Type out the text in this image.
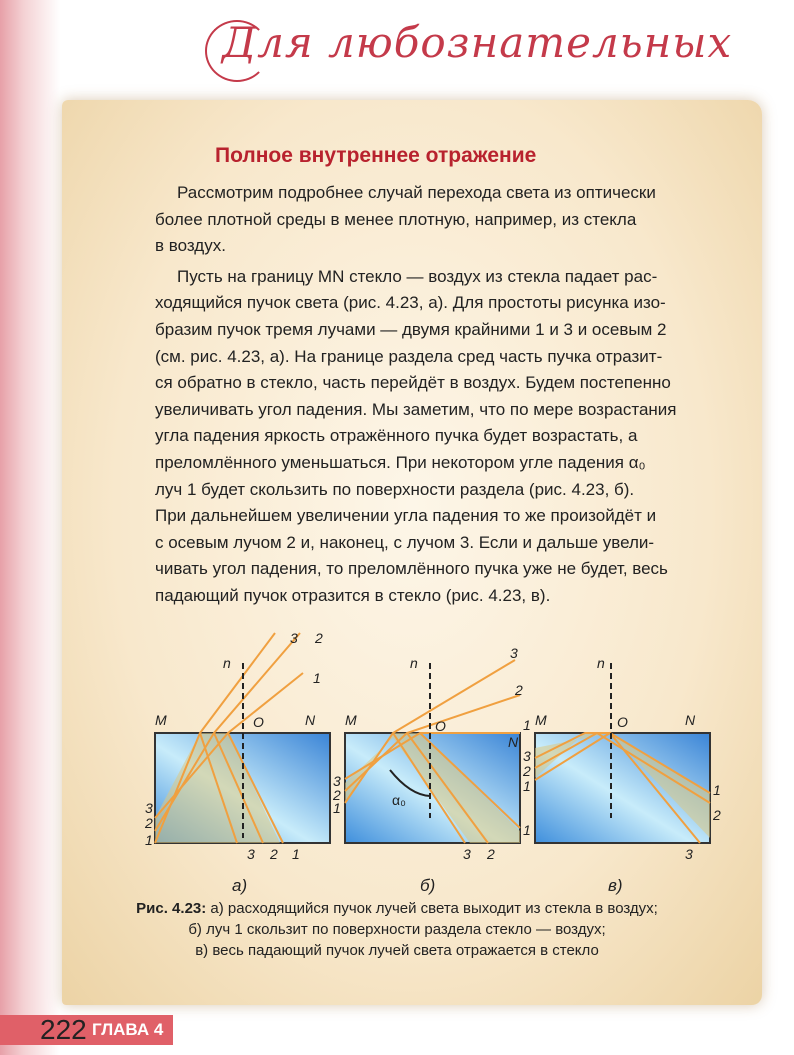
Для любознательных
Полное внутреннее отражение
Рассмотрим подробнее случай перехода света из оптически
более плотной среды в менее плотную, например, из стекла
в воздух.
Пусть на границу MN стекло — воздух из стекла падает рас-
ходящийся пучок света (рис. 4.23, а). Для простоты рисунка изо-
бразим пучок тремя лучами — двумя крайними 1 и 3 и осевым 2
(см. рис. 4.23, а). На границе раздела сред часть пучка отразит-
ся обратно в стекло, часть перейдёт в воздух. Будем постепенно
увеличивать угол падения. Мы заметим, что по мере возрастания
угла падения яркость отражённого пучка будет возрастать, а
преломлённого уменьшаться. При некотором угле падения α₀
луч 1 будет скользить по поверхности раздела (рис. 4.23, б).
При дальнейшем увеличении угла падения то же произойдёт и
с осевым лучом 2 и, наконец, с лучом 3. Если и дальше увели-
чивать угол падения, то преломлённого пучка уже не будет, весь
падающий пучок отразится в стекло (рис. 4.23, в).
M	O	N
n
3 2
1
3
2
1
3 2 1
α₀
M	O
N
n
3
2
1
3
2
1
1
3 2
M	O	N
n
3
2
1	1
2
3
а)	б)	в)
Рис. 4.23: а) расходящийся пучок лучей света выходит из стекла в воздух;
б) луч 1 скользит по поверхности раздела стекло — воздух;
в) весь падающий пучок лучей света отражается в стекло
222 ГЛАВА 4
